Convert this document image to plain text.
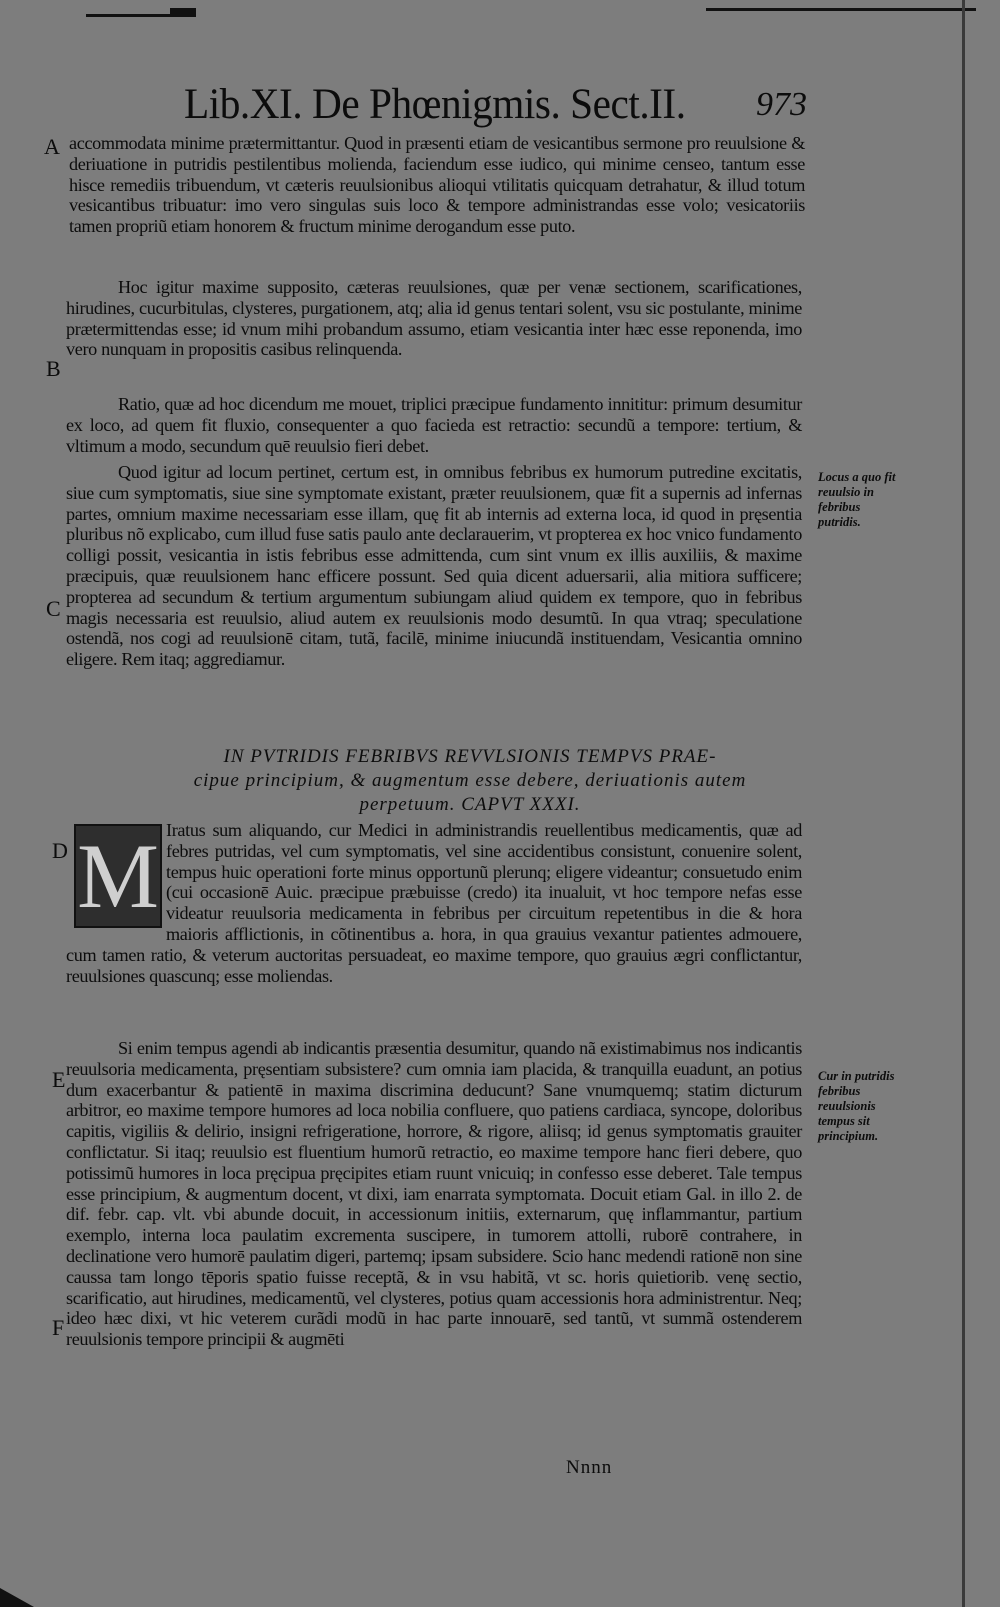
Lib.XI. De Phœnigmis. Sect.II. 973
A
B
C
D
E
F
accommodata minime prætermittantur. Quod in præsenti etiam de vesicantibus sermone pro reuulsione & deriuatione in putridis pestilentibus molienda, faciendum esse iudico, qui minime censeo, tantum esse hisce remediis tribuendum, vt cæteris reuulsionibus alioqui vtilitatis quicquam detrahatur, & illud totum vesicantibus tribuatur: imo vero singulas suis loco & tempore administrandas esse volo; vesicatoriis tamen propriũ etiam honorem & fructum minime derogandum esse puto.
Hoc igitur maxime supposito, cæteras reuulsiones, quæ per venæ sectionem, scarificationes, hirudines, cucurbitulas, clysteres, purgationem, atq; alia id genus tentari solent, vsu sic postulante, minime prætermittendas esse; id vnum mihi probandum assumo, etiam vesicantia inter hæc esse reponenda, imo vero nunquam in propositis casibus relinquenda.
Ratio, quæ ad hoc dicendum me mouet, triplici præcipue fundamento innititur: primum desumitur ex loco, ad quem fit fluxio, consequenter a quo facieda est retractio: secundũ a tempore: tertium, & vltimum a modo, secundum quē reuulsio fieri debet.
Quod igitur ad locum pertinet, certum est, in omnibus febribus ex humorum putredine excitatis, siue cum symptomatis, siue sine symptomate existant, præter reuulsionem, quæ fit a supernis ad infernas partes, omnium maxime necessariam esse illam, quę fit ab internis ad externa loca, id quod in pręsentia pluribus nõ explicabo, cum illud fuse satis paulo ante declarauerim, vt propterea ex hoc vnico fundamento colligi possit, vesicantia in istis febribus esse admittenda, cum sint vnum ex illis auxiliis, & maxime præcipuis, quæ reuulsionem hanc efficere possunt. Sed quia dicent aduersarii, alia mitiora sufficere; propterea ad secundum & tertium argumentum subiungam aliud quidem ex tempore, quo in febribus magis necessaria est reuulsio, aliud autem ex reuulsionis modo desumtũ. In qua vtraq; speculatione ostendã, nos cogi ad reuulsionē citam, tutã, facilē, minime iniucundã instituendam, Vesicantia omnino eligere. Rem itaq; aggrediamur.
Locus a quo fit reuulsio in febribus putridis.
Cur in putridis febribus reuulsionis tempus sit principium.
IN PVTRIDIS FEBRIBVS REVVLSIONIS TEMPVS PRAE-
cipue principium, & augmentum esse debere, deriuationis autem
perpetuum. CAPVT XXXI.
M Iratus sum aliquando, cur Medici in administrandis reuellentibus medicamentis, quæ ad febres putridas, vel cum symptomatis, vel sine accidentibus consistunt, conuenire solent, tempus huic operationi forte minus opportunũ plerunq; eligere videantur; consuetudo enim (cui occasionē Auic. præcipue præbuisse (credo) ita inualuit, vt hoc tempore nefas esse videatur reuulsoria medicamenta in febribus per circuitum repetentibus in die & hora maioris afflictionis, in cõtinentibus a. hora, in qua grauius vexantur patientes admouere, cum tamen ratio, & veterum auctoritas persuadeat, eo maxime tempore, quo grauius ægri conflictantur, reuulsiones quascunq; esse moliendas.
Si enim tempus agendi ab indicantis præsentia desumitur, quando nã existimabimus nos indicantis reuulsoria medicamenta, pręsentiam subsistere? cum omnia iam placida, & tranquilla euadunt, an potius dum exacerbantur & patientē in maxima discrimina deducunt? Sane vnumquemq; statim dicturum arbitror, eo maxime tempore humores ad loca nobilia confluere, quo patiens cardiaca, syncope, doloribus capitis, vigiliis & delirio, insigni refrigeratione, horrore, & rigore, aliisq; id genus symptomatis grauiter conflictatur. Si itaq; reuulsio est fluentium humorũ retractio, eo maxime tempore hanc fieri debere, quo potissimũ humores in loca pręcipua pręcipites etiam ruunt vnicuiq; in confesso esse deberet. Tale tempus esse principium, & augmentum docent, vt dixi, iam enarrata symptomata. Docuit etiam Gal. in illo 2. de dif. febr. cap. vlt. vbi abunde docuit, in accessionum initiis, externarum, quę inflammantur, partium exemplo, interna loca paulatim excrementa suscipere, in tumorem attolli, ruborē contrahere, in declinatione vero humorē paulatim digeri, partemq; ipsam subsidere. Scio hanc medendi rationē non sine caussa tam longo tēporis spatio fuisse receptã, & in vsu habitã, vt sc. horis quietiorib. venę sectio, scarificatio, aut hirudines, medicamentũ, vel clysteres, potius quam accessionis hora administrentur. Neq; ideo hæc dixi, vt hic veterem curãdi modũ in hac parte innouarē, sed tantũ, vt summã ostenderem reuulsionis tempore principii & augmēti
Nnnn
